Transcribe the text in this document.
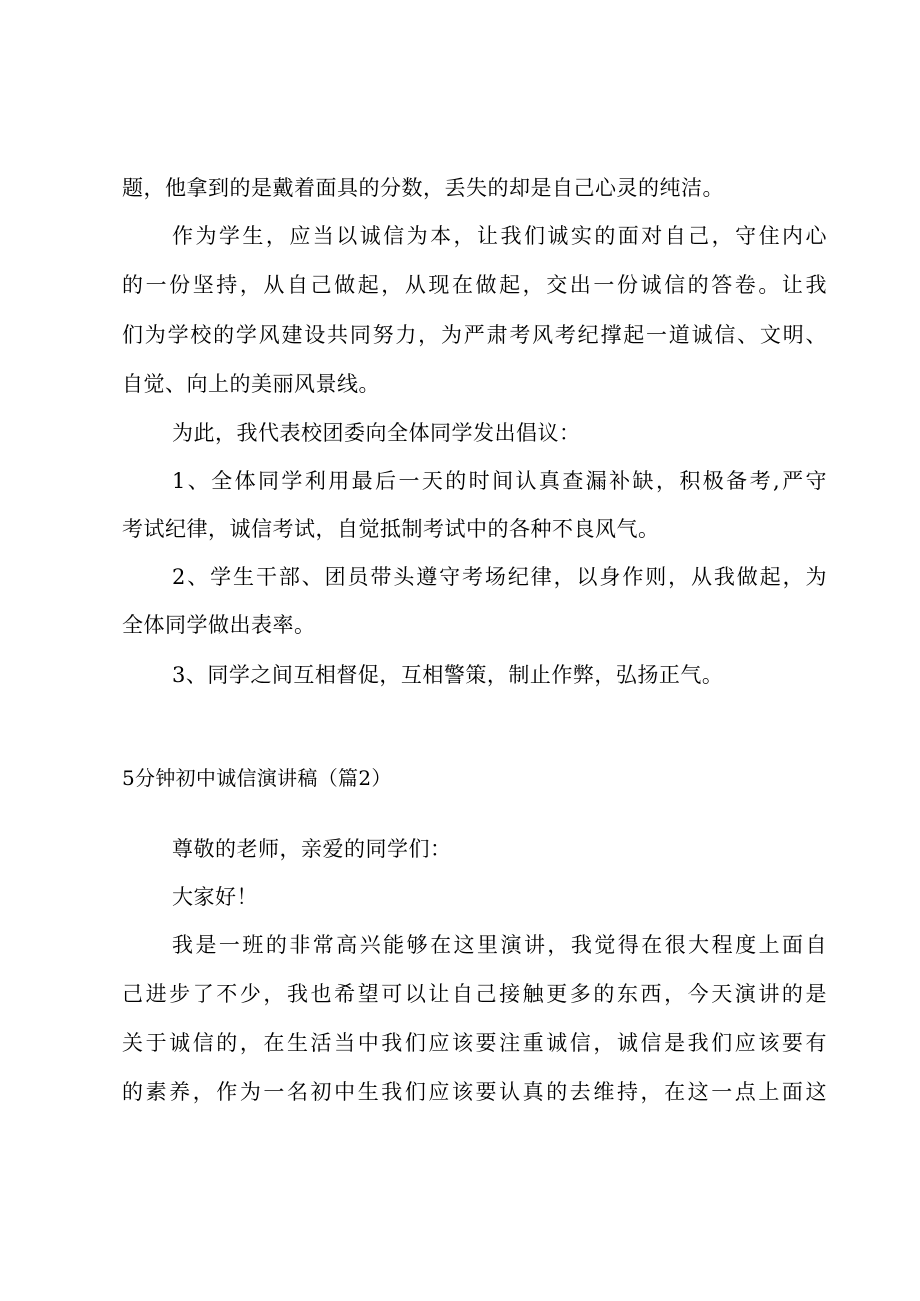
题，他拿到的是戴着面具的分数，丢失的却是自己心灵的纯洁。
作为学生，应当以诚信为本，让我们诚实的面对自己，守住内心
的一份坚持，从自己做起，从现在做起，交出一份诚信的答卷。让我
们为学校的学风建设共同努力，为严肃考风考纪撑起一道诚信、文明、
自觉、向上的美丽风景线。
为此，我代表校团委向全体同学发出倡议：
1、全体同学利用最后一天的时间认真查漏补缺，积极备考,严守
考试纪律，诚信考试，自觉抵制考试中的各种不良风气。
2、学生干部、团员带头遵守考场纪律，以身作则，从我做起，为
全体同学做出表率。
3、同学之间互相督促，互相警策，制止作弊，弘扬正气。
5分钟初中诚信演讲稿（篇2）
尊敬的老师，亲爱的同学们：
大家好！
我是一班的非常高兴能够在这里演讲，我觉得在很大程度上面自
己进步了不少，我也希望可以让自己接触更多的东西，今天演讲的是
关于诚信的，在生活当中我们应该要注重诚信，诚信是我们应该要有
的素养，作为一名初中生我们应该要认真的去维持，在这一点上面这
